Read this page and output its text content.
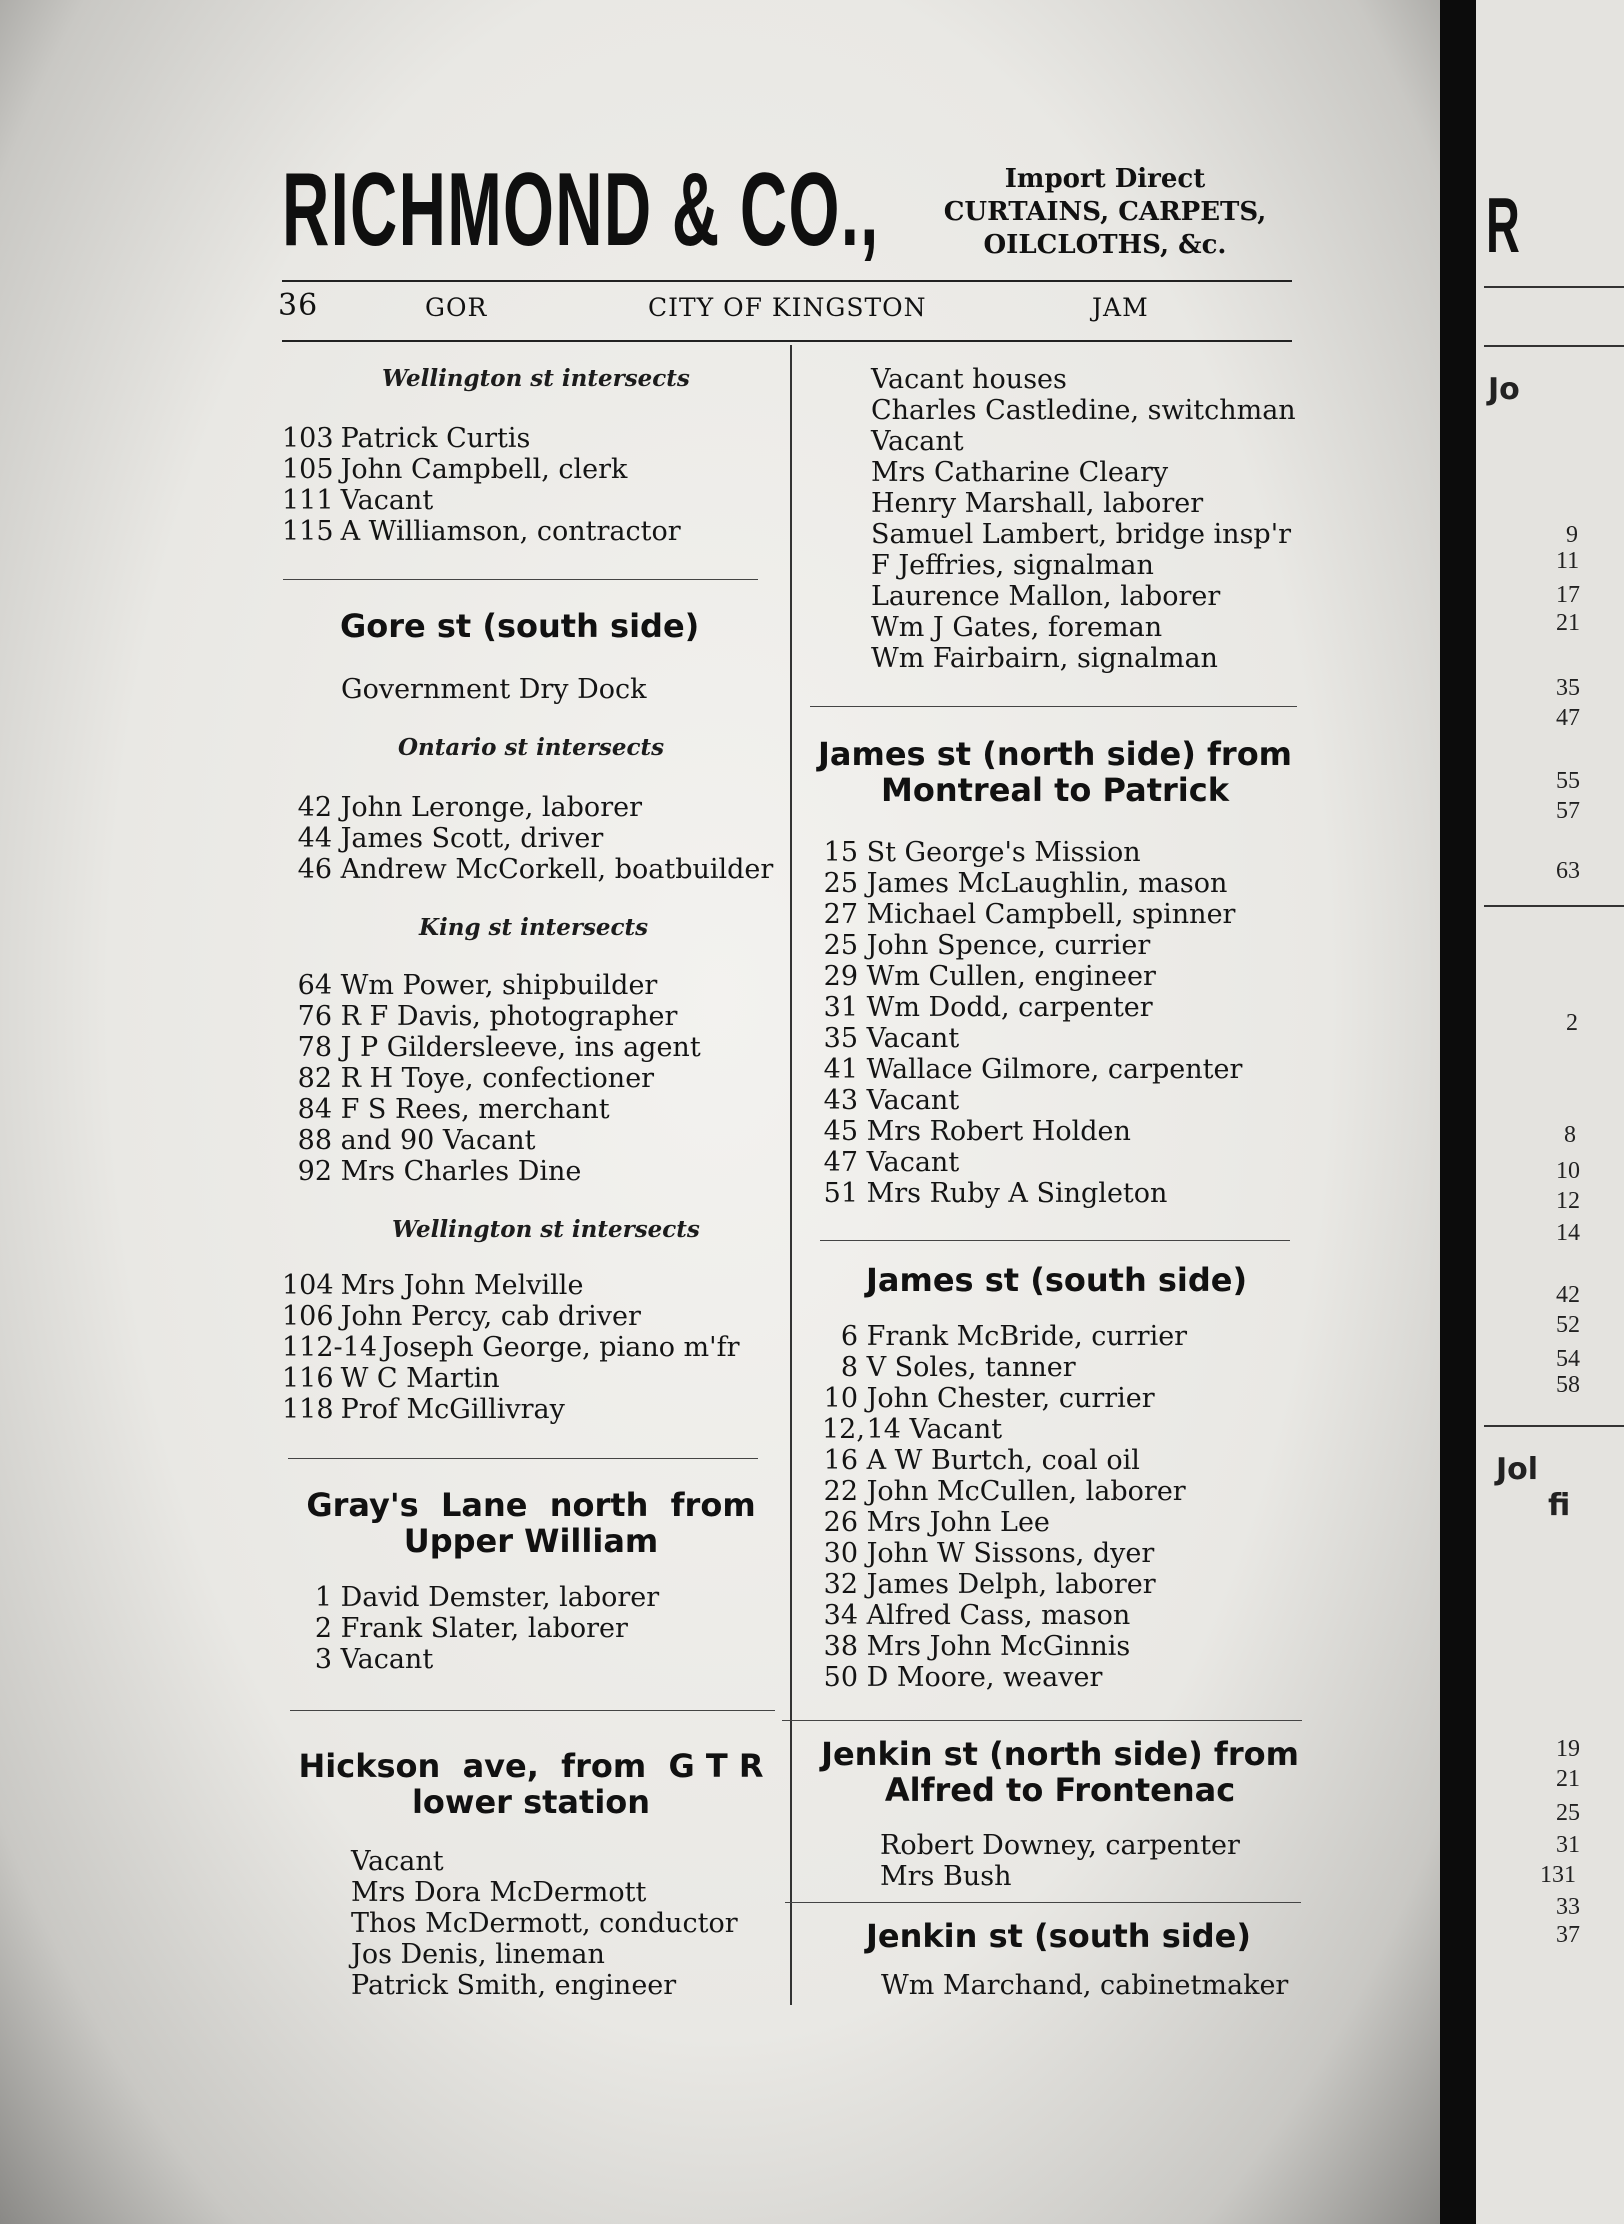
RICHMOND & CO.,	Import Direct
CURTAINS, CARPETS,
OILCLOTHS, &c.
36	GOR	CITY OF KINGSTON	JAM
Wellington st intersects
103 Patrick Curtis
105 John Campbell, clerk
111 Vacant
115 A Williamson, contractor
Gore st (south side)
Government Dry Dock
Ontario st intersects
42 John Leronge, laborer
44 James Scott, driver
46 Andrew McCorkell, boatbuilder
King st intersects
64 Wm Power, shipbuilder
76 R F Davis, photographer
78 J P Gildersleeve, ins agent
82 R H Toye, confectioner
84 F S Rees, merchant
88 and 90 Vacant
92 Mrs Charles Dine
Wellington st intersects
104 Mrs John Melville
106 John Percy, cab driver
112-14 Joseph George, piano m'fr
116 W C Martin
118 Prof McGillivray
Gray's  Lane  north  from
Upper William
1 David Demster, laborer
2 Frank Slater, laborer
3 Vacant
Hickson  ave,  from  G T R
lower station
Vacant
Mrs Dora McDermott
Thos McDermott, conductor
Jos Denis, lineman
Patrick Smith, engineer
Vacant houses
Charles Castledine, switchman
Vacant
Mrs Catharine Cleary
Henry Marshall, laborer
Samuel Lambert, bridge insp'r
F Jeffries, signalman
Laurence Mallon, laborer
Wm J Gates, foreman
Wm Fairbairn, signalman
James st (north side) from
Montreal to Patrick
15 St George's Mission
25 James McLaughlin, mason
27 Michael Campbell, spinner
25 John Spence, currier
29 Wm Cullen, engineer
31 Wm Dodd, carpenter
35 Vacant
41 Wallace Gilmore, carpenter
43 Vacant
45 Mrs Robert Holden
47 Vacant
51 Mrs Ruby A Singleton
James st (south side)
6 Frank McBride, currier
8 V Soles, tanner
10 John Chester, currier
12, 14 Vacant
16 A W Burtch, coal oil
22 John McCullen, laborer
26 Mrs John Lee
30 John W Sissons, dyer
32 James Delph, laborer
34 Alfred Cass, mason
38 Mrs John McGinnis
50 D Moore, weaver
Jenkin st (north side) from
Alfred to Frontenac
Robert Downey, carpenter
Mrs Bush
Jenkin st (south side)
Wm Marchand, cabinetmaker
R
Jo
9
11
17
21
35
47
55
57
63
2
8
10
12
14
42
52
54
58
Jol
fi
19
21
25
31
131
33
37
